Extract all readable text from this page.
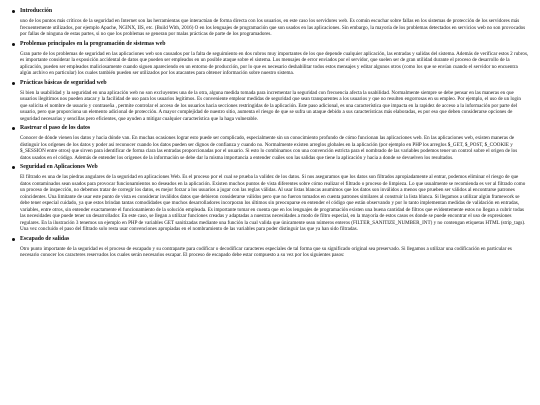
Introducción

uno de los puntos más críticos de la seguridad en Internet son las herramientas que interactúan de forma directa con los usuarios, en este caso los servidores web. Es común escuchar sobre fallas en los sistemas de protección de los servidores más frecuentemente utilizados, por ejemplo Apache, NGINX, IIS, etc. (Build With, 2016) O en los lenguajes de programación que son usados en las aplicaciones. Sin embargo, la mayoría de los problemas detectados en servicios web no son provocados por fallas de ninguna de estas partes, si no que los problemas se generan por malas prácticas de parte de los programadores.

Problemas principales en la programación de sistemas web

Gran parte de los problemas de seguridad en las aplicaciones web son causados por la falta de seguimiento en dos rubros muy importantes de los que depende cualquier aplicación, las entradas y salidas del sistema. Además de verificar estos 2 rubros, es importante considerar la exposición accidental de datos que pueden ser empleados en un posible ataque sobre el sistema. Los mensajes de error enviados por el servidor, que suelen ser de gran utilidad durante el proceso de desarrollo de la aplicación, pueden ser empleados maliciosamente cuando siguen apareciendo en un entorno de producción, por lo que es necesario deshabilitar todos estos mensajes y editar algunos otros (como los que se envían cuando el servidor no encuentra algún archivo en particular) los cuales también pueden ser utilizados por los atacantes para obtener información sobre nuestro sistema.

Prácticas básicas de seguridad web

Si bien la usabilidad y la seguridad en una aplicación web no son excluyentes una de la otra, alguna medida tomada para incrementar la seguridad con frecuencia afecta la usabilidad. Normalmente siempre se debe pensar en las maneras en que usuarios ilegítimos nos pueden atacar y la facilidad de uso para los usuarios legítimos. Es conveniente emplear medidas de seguridad que sean transparentes a los usuarios y que no resulten engorrosas en su empleo. Por ejemplo, el uso de un login que solicita el nombre de usuario y contraseña , permite controlar el acceso de los usuarios hacia secciones restringidas de la aplicación. Este paso adicional, es una característica que impacta en la rapidez de acceso a la información por parte del usuario, pero que proporciona un elemento adicional de protección. A mayor complejidad de nuestro sitio, aumenta el riesgo de que se sufra un ataque debido a sus características más elaboradas, es por eso que deben considerarse opciones de seguridad necesarias y sencillas pero eficientes, que ayuden a mitigar cualquier característica que la haga vulnerable.

Rastrear el paso de los datos

Conocer de dónde vienen los datos y hacia dónde van. En muchas ocasiones lograr esto puede ser complicado, especialmente sin un conocimiento profundo de cómo funcionan las aplicaciones web. En las aplicaciones web, existen maneras de distinguir los orígenes de los datos y poder así reconocer cuando los datos pueden ser dignos de confianza y cuando no. Normalmente existen arreglos globales en la aplicación (por ejemplo en PHP los arreglos $_GET, $_POST, $_COOKIE y $_SESSION entre otros) que sirven para identificar de forma clara las entradas proporcionadas por el usuario. Si esto lo combinamos con una convención estricta para el nombrado de las variables podemos tener un control sobre el origen de los datos usados en el código. Además de entender los orígenes de la información se debe dar la misma importancia a entender cuáles son las salidas que tiene la aplicación y hacia a donde se devuelven los resultados.

Seguridad en Aplicaciones Web

El filtrado es una de las piedras angulares de la seguridad en aplicaciones Web. Es el proceso por el cual se prueba la validez de los datos. Si nos aseguramos que los datos son filtrados apropiadamente al entrar, podemos eliminar el riesgo de que datos contaminados sean usados para provocar funcionamientos no deseados en la aplicación. Existen muchos puntos de vista diferentes sobre cómo realizar el filtrado o proceso de limpieza. Lo que usualmente se recomienda es ver al filtrado como un proceso de inspección, no debemos tratar de corregir los datos, es mejor forzar a los usuarios a jugar con las reglas válidas. Al usar listas blancas asumimos que los datos son inválidos a menos que prueben ser válidos al encontrarse patrones coincidentes. Una limitante de usar este punto de vista es considerar inválidos datos que debieron considerarse válidos pero que no fueron tomados en cuenta patrones similares al construir la lista blanca. Si llegamos a utilizar algún framework se debe tener especial cuidado, ya que estos brindan tantas comodidades que muchos desarrolladores incorporan los últimos sin preocuparse en entender el código que están observando y por lo tanto implementan medidas de validación en entradas, variables, entre otros, sin entender exactamente el funcionamiento de la solución empleada. Es importante tomar en cuenta que en los lenguajes de programación existen una buena cantidad de filtros que evidentemente estos no llegan a cubrir todas las necesidades que puede tener un desarrollador. En este caso, se llegan a utilizar funciones creadas y adaptadas a nuestras necesidades a modo de filtro especial, en la mayoría de estos casos es donde se puede encontrar el uso de expresiones regulares. En la ilustración 3 tenemos un ejemplo en PHP de variables GET sanitizadas mediante una función la cual valida que únicamente sean números enteros (FILTER_SANITIZE_NUMBER_INT) y no contengan etiquetas HTML (strip_tags). Una vez concluido el paso del filtrado solo resta usar convenciones apropiadas en el nombramiento de las variables para poder distinguir las que ya han sido filtradas.

Escapado de salidas

Otro punto importante de la seguridad es el proceso de escapado y su contraparte para codificar o decodificar caracteres especiales de tal forma que su significado original sea preservado. Si llegamos a utilizar una codificación en particular es necesario conocer los caracteres reservados los cuales serán necesarios escapar. El proceso de escapado debe estar compuesto a su vez por los siguientes pasos:
